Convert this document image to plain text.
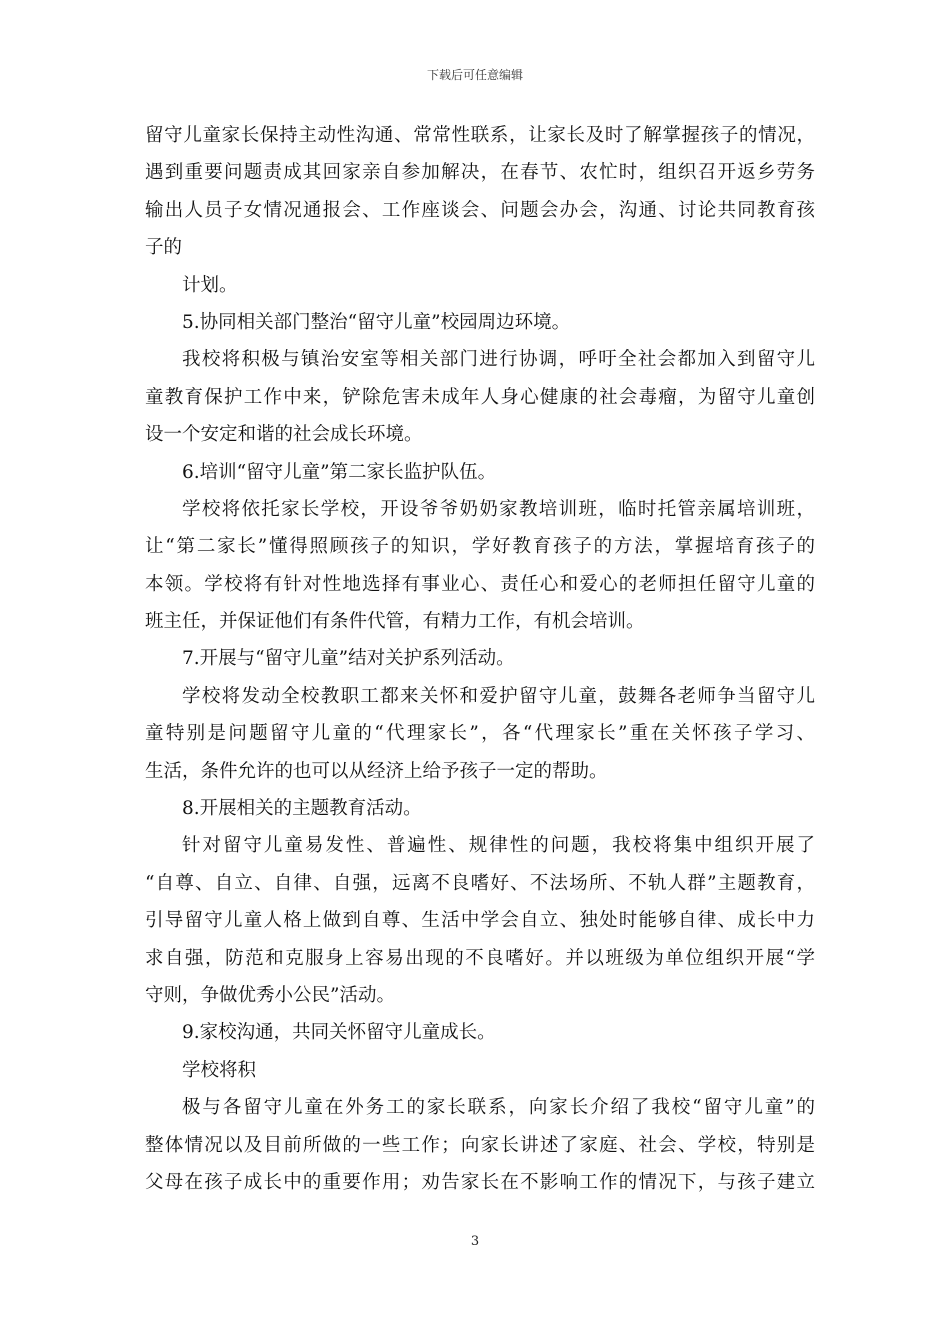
下载后可任意编辑
留守儿童家长保持主动性沟通、常常性联系，让家长及时了解掌握孩子的情况，
遇到重要问题责成其回家亲自参加解决，在春节、农忙时，组织召开返乡劳务
输出人员子女情况通报会、工作座谈会、问题会办会，沟通、讨论共同教育孩
子的
计划。
5.协同相关部门整治“留守儿童”校园周边环境。
我校将积极与镇治安室等相关部门进行协调，呼吁全社会都加入到留守儿
童教育保护工作中来，铲除危害未成年人身心健康的社会毒瘤，为留守儿童创
设一个安定和谐的社会成长环境。
6.培训“留守儿童”第二家长监护队伍。
学校将依托家长学校，开设爷爷奶奶家教培训班，临时托管亲属培训班，
让“第二家长”懂得照顾孩子的知识，学好教育孩子的方法，掌握培育孩子的
本领。学校将有针对性地选择有事业心、责任心和爱心的老师担任留守儿童的
班主任，并保证他们有条件代管，有精力工作，有机会培训。
7.开展与“留守儿童”结对关护系列活动。
学校将发动全校教职工都来关怀和爱护留守儿童，鼓舞各老师争当留守儿
童特别是问题留守儿童的“代理家长”，各“代理家长”重在关怀孩子学习、
生活，条件允许的也可以从经济上给予孩子一定的帮助。
8.开展相关的主题教育活动。
针对留守儿童易发性、普遍性、规律性的问题，我校将集中组织开展了
“自尊、自立、自律、自强，远离不良嗜好、不法场所、不轨人群”主题教育，
引导留守儿童人格上做到自尊、生活中学会自立、独处时能够自律、成长中力
求自强，防范和克服身上容易出现的不良嗜好。并以班级为单位组织开展“学
守则，争做优秀小公民”活动。
9.家校沟通，共同关怀留守儿童成长。
学校将积
极与各留守儿童在外务工的家长联系，向家长介绍了我校“留守儿童”的
整体情况以及目前所做的一些工作；向家长讲述了家庭、社会、学校，特别是
父母在孩子成长中的重要作用；劝告家长在不影响工作的情况下，与孩子建立
3
